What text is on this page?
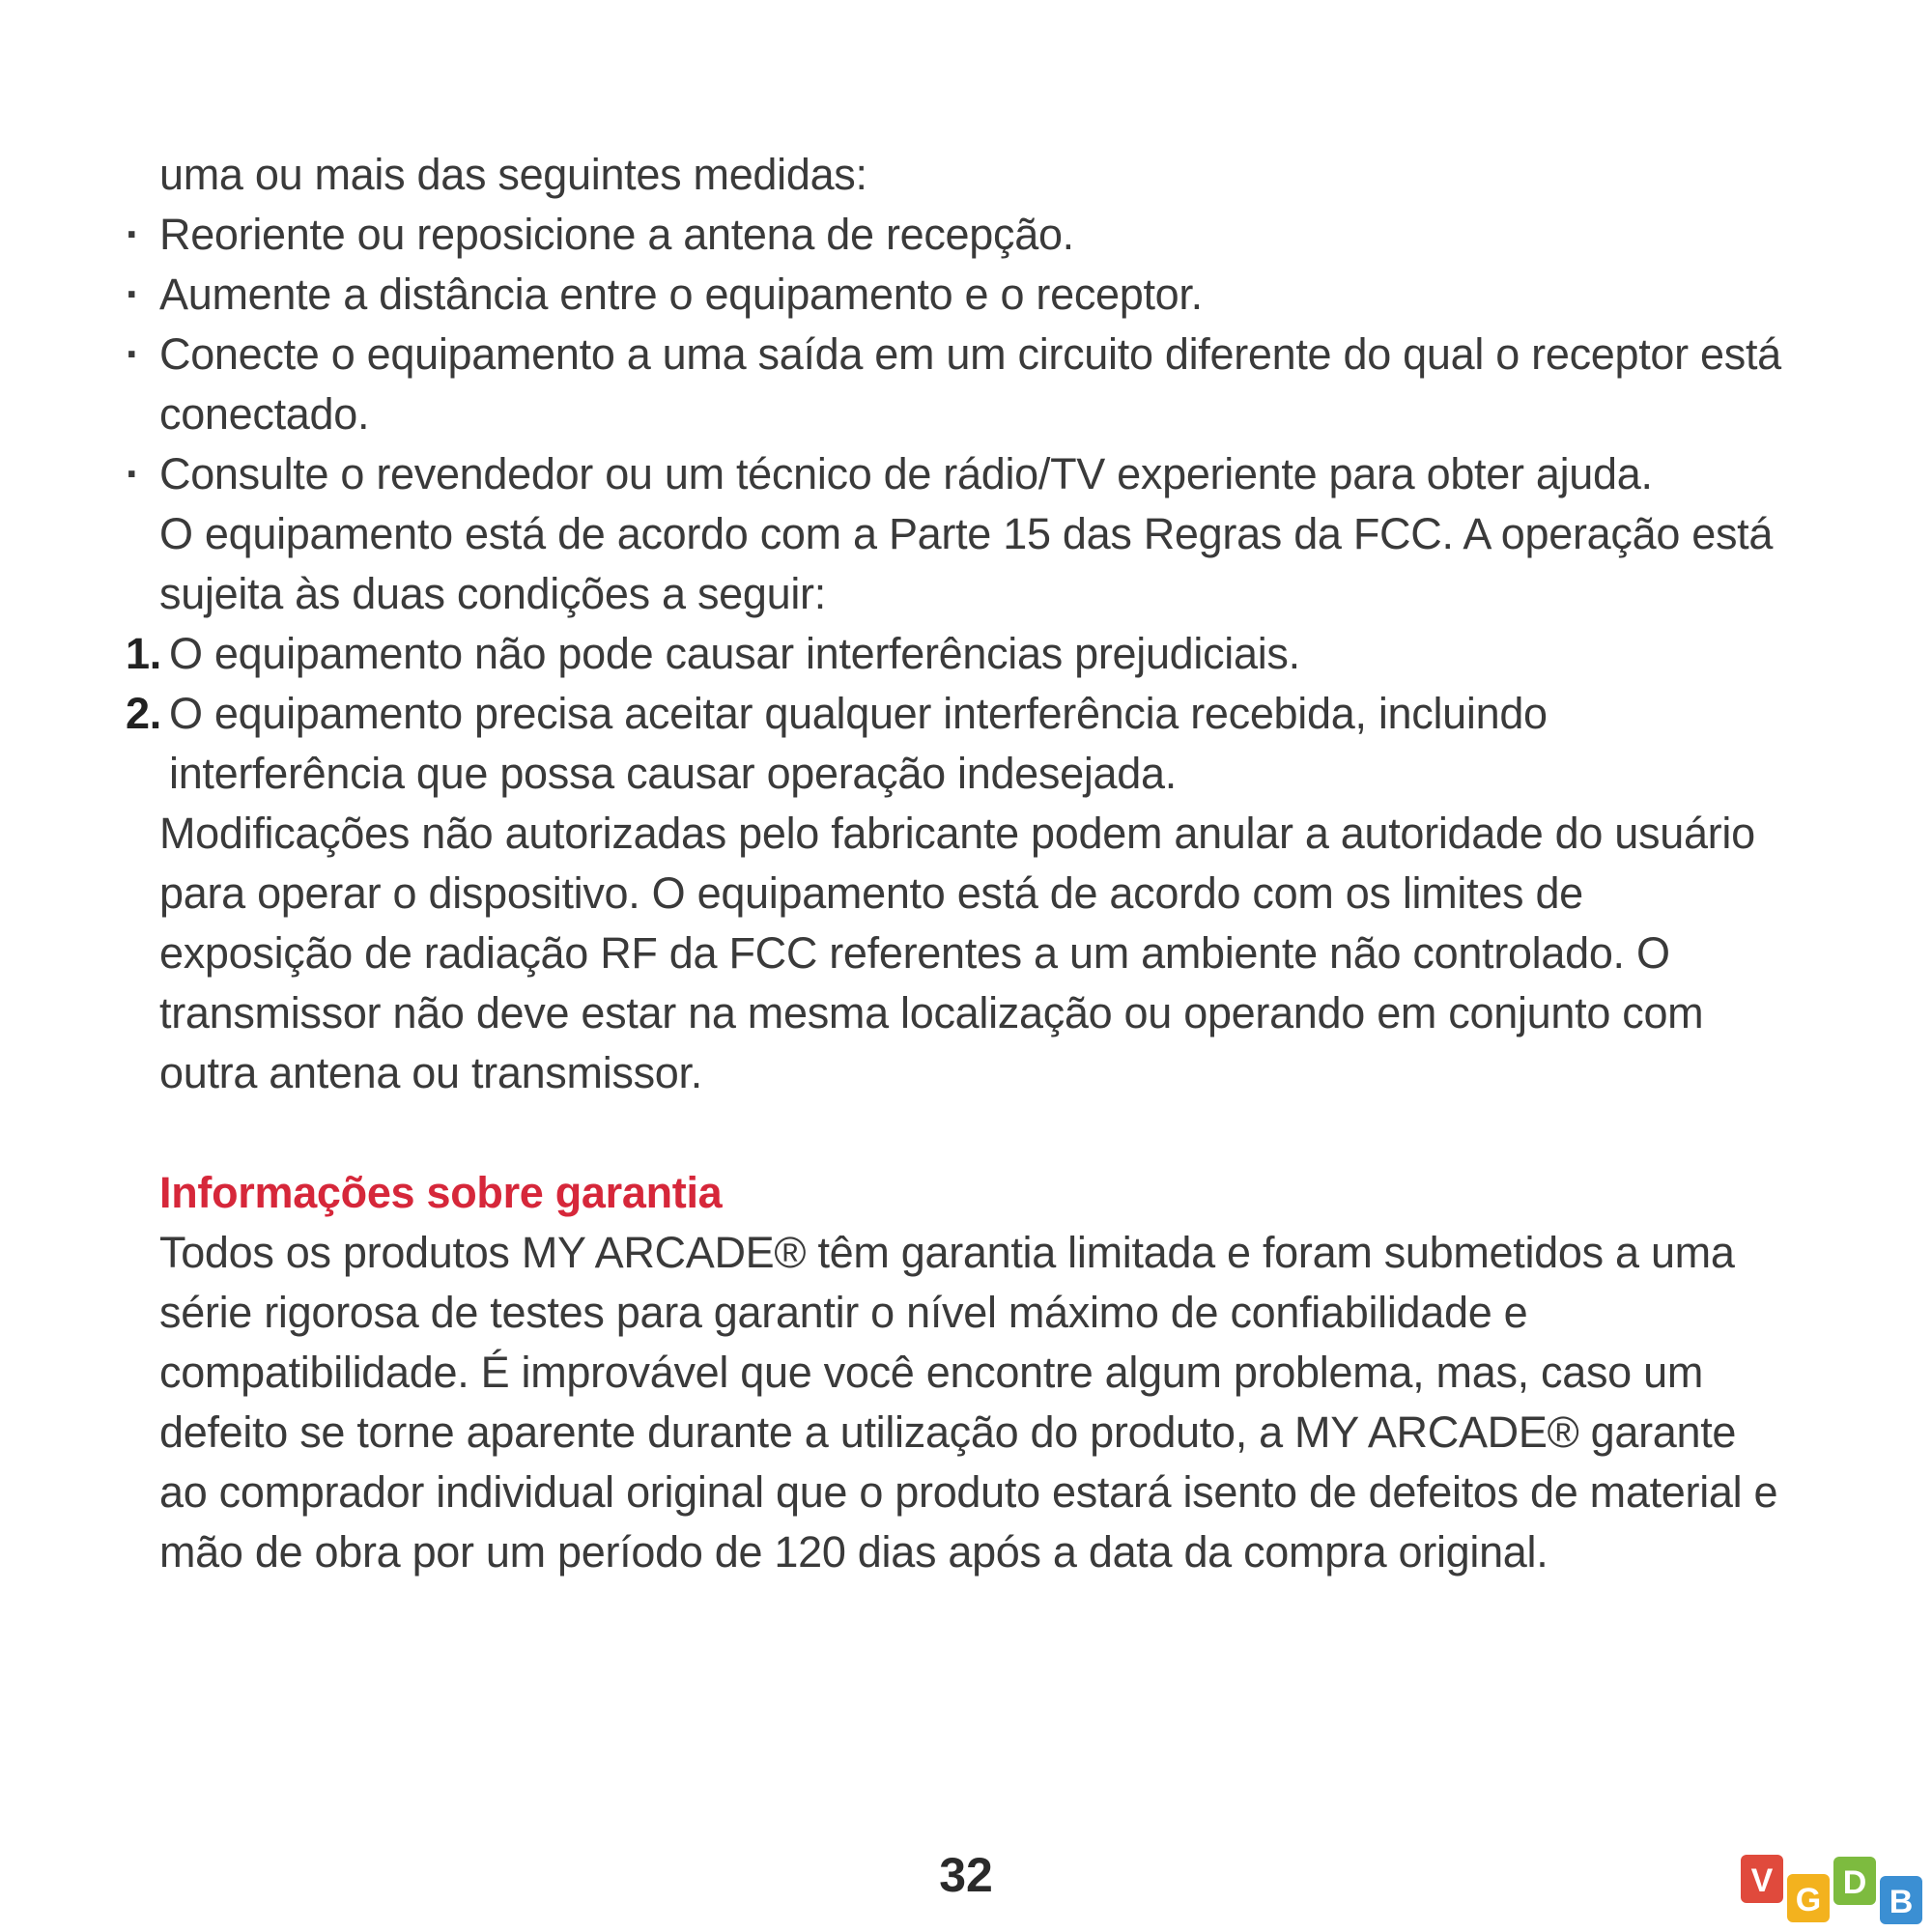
uma ou mais das seguintes medidas:
· Reoriente ou reposicione a antena de recepção.
· Aumente a distância entre o equipamento e o receptor.
· Conecte o equipamento a uma saída em um circuito diferente do qual o receptor está conectado.
· Consulte o revendedor ou um técnico de rádio/TV experiente para obter ajuda.
O equipamento está de acordo com a Parte 15 das Regras da FCC. A operação está sujeita às duas condições a seguir:
1. O equipamento não pode causar interferências prejudiciais.
2. O equipamento precisa aceitar qualquer interferência recebida, incluindo interferência que possa causar operação indesejada.
Modificações não autorizadas pelo fabricante podem anular a autoridade do usuário para operar o dispositivo. O equipamento está de acordo com os limites de exposição de radiação RF da FCC referentes a um ambiente não controlado. O transmissor não deve estar na mesma localização ou operando em conjunto com outra antena ou transmissor.
Informações sobre garantia
Todos os produtos MY ARCADE® têm garantia limitada e foram submetidos a uma série rigorosa de testes para garantir o nível máximo de confiabilidade e compatibilidade. É improvável que você encontre algum problema, mas, caso um defeito se torne aparente durante a utilização do produto, a MY ARCADE® garante ao comprador individual original que o produto estará isento de defeitos de material e mão de obra por um período de 120 dias após a data da compra original.
32	V
G D
B
